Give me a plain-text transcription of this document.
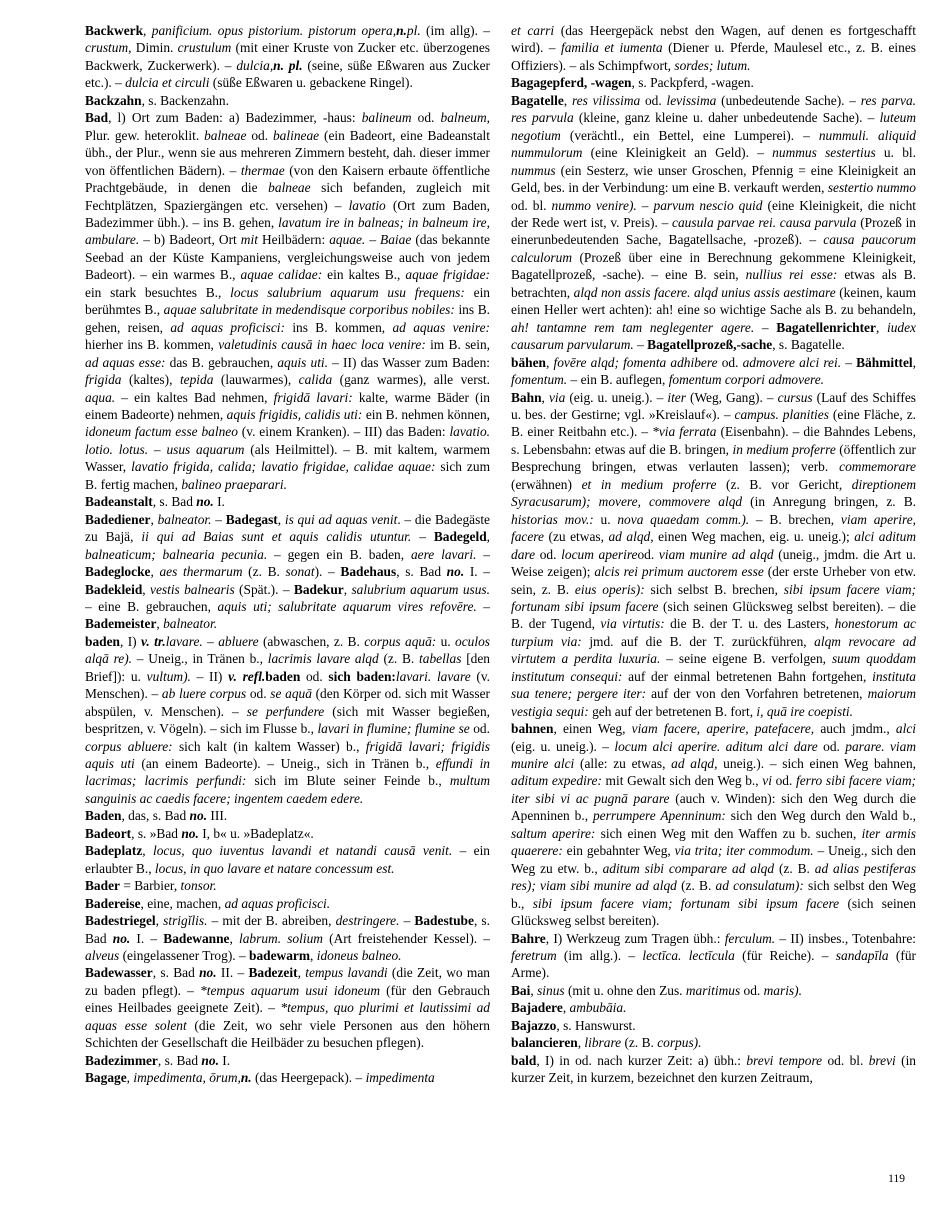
Backwerk, panificium. opus pistorium. pistorum opera,n.pl. (im allg). – crustum, Dimin. crustulum (mit einer Kruste von Zucker etc. überzogenes Backwerk, Zuckerwerk). – dulcia,n. pl. (seine, süße Eßwaren aus Zucker etc.). – dulcia et circuli (süße Eßwaren u. gebackene Ringel).

Backzahn, s. Backenzahn.

Bad, l) Ort zum Baden: a) Badezimmer, -haus: balineum od. balneum, Plur. gew. heteroklit. balneae od. balineae (ein Badeort, eine Badeanstalt übh., der Plur., wenn sie aus mehreren Zimmern besteht, dah. dieser immer von öffentlichen Bädern). – thermae (von den Kaisern erbaute öffentliche Prachtgebäude, in denen die balneae sich befanden, zugleich mit Fechtplätzen, Spaziergängen etc. versehen) – lavatio (Ort zum Baden, Badezimmer übh.). – ins B. gehen, lavatum ire in balneas; in balneum ire, ambulare. – b) Badeort, Ort mit Heilbädern: aquae. – Baiae (das bekannte Seebad an der Küste Kampaniens, vergleichungsweise auch von jedem Badeort). – ein warmes B., aquae calidae: ein kaltes B., aquae frigidae: ein stark besuchtes B., locus salubrium aquarum usu frequens: ein berühmtes B., aquae salubritate in medendisque corporibus nobiles: ins B. gehen, reisen, ad aquas proficisci: ins B. kommen, ad aquas venire: hierher ins B. kommen, valetudinis causā in haec loca venire: im B. sein, ad aquas esse: das B. gebrauchen, aquis uti. – II) das Wasser zum Baden: frigida (kaltes), tepida (lauwarmes), calida (ganz warmes), alle verst. aqua. – ein kaltes Bad nehmen, frigidā lavari: kalte, warme Bäder (in einem Badeorte) nehmen, aquis frigidis, calidis uti: ein B. nehmen können, idoneum factum esse balneo (v. einem Kranken). – III) das Baden: lavatio. lotio. lotus. – usus aquarum (als Heilmittel). – B. mit kaltem, warmem Wasser, lavatio frigida, calida; lavatio frigidae, calidae aquae: sich zum B. fertig machen, balineo praeparari.

Badeanstalt, s. Bad no. I.

Badediener, balneator. – Badegast, is qui ad aquas venit. – die Badegäste zu Bajä, ii qui ad Baias sunt et aquis calidis utuntur. – Badegeld, balneaticum; balnearia pecunia. – gegen ein B. baden, aere lavari. – Badeglocke, aes thermarum (z. B. sonat). – Badehaus, s. Bad no. I. – Badekleid, vestis balnearis (Spät.). – Badekur, salubrium aquarum usus. – eine B. gebrauchen, aquis uti; salubritate aquarum vires refovēre. – Bademeister, balneator.

baden, I) v. tr.lavare. – abluere (abwaschen, z. B. corpus aquā: u. oculos alqā re). – Uneig., in Tränen b., lacrimis lavare alqd (z. B. tabellas [den Brief]): u. vultum). – II) v. refl.baden od. sich baden:lavari. lavare (v. Menschen). – ab luere corpus od. se aquā (den Körper od. sich mit Wasser abspülen, v. Menschen). – se perfundere (sich mit Wasser begießen, bespritzen, v. Vögeln). – sich im Flusse b., lavari in flumine; flumine se od. corpus abluere: sich kalt (in kaltem Wasser) b., frigidā lavari; frigidis aquis uti (an einem Badeorte). – Uneig., sich in Tränen b., effundi in lacrimas; lacrimis perfundi: sich im Blute seiner Feinde b., multum sanguinis ac caedis facere; ingentem caedem edere.

Baden, das, s. Bad no. III.

Badeort, s. »Bad no. I, b« u. »Badeplatz«.

Badeplatz, locus, quo iuventus lavandi et natandi causā venit. – ein erlaubter B., locus, in quo lavare et natare concessum est.

Bader = Barbier, tonsor.

Badereise, eine, machen, ad aquas proficisci.

Badestriegel, strigĭlis. – mit der B. abreiben, destringere. – Badestube, s. Bad no. I. – Badewanne, labrum. solium (Art freistehender Kessel). – alveus (eingelassener Trog). – badewarm, idoneus balneo.

Badewasser, s. Bad no. II. – Badezeit, tempus lavandi (die Zeit, wo man zu baden pflegt). – *tempus aquarum usui idoneum (für den Gebrauch eines Heilbades geeignete Zeit). – *tempus, quo plurimi et lautissimi ad aquas esse solent (die Zeit, wo sehr viele Personen aus den höhern Schichten der Gesellschaft die Heilbäder zu besuchen pflegen).

Badezimmer, s. Bad no. I.

Bagage, impedimenta, ōrum,n. (das Heergepack). – impedimenta

et carri (das Heergepäck nebst den Wagen, auf denen es fortgeschafft wird). – familia et iumenta (Diener u. Pferde, Maulesel etc., z. B. eines Offiziers). – als Schimpfwort, sordes; lutum.

Bagagepferd, -wagen, s. Packpferd, -wagen.

Bagatelle, res vilissima od. levissima (unbedeutende Sache). – res parva. res parvula (kleine, ganz kleine u. daher unbedeutende Sache). – luteum negotium (verächtl., ein Bettel, eine Lumperei). – nummuli. aliquid nummulorum (eine Kleinigkeit an Geld). – nummus sestertius u. bl. nummus (ein Sesterz, wie unser Groschen, Pfennig = eine Kleinigkeit an Geld, bes. in der Verbindung: um eine B. verkauft werden, sestertio nummo od. bl. nummo venire). – parvum nescio quid (eine Kleinigkeit, die nicht der Rede wert ist, v. Preis). – causula parvae rei. causa parvula (Prozeß in einerunbedeutenden Sache, Bagatellsache, -prozeß). – causa paucorum calculorum (Prozeß über eine in Berechnung gekommene Kleinigkeit, Bagatellprozeß, -sache). – eine B. sein, nullius rei esse: etwas als B. betrachten, alqd non assis facere. alqd unius assis aestimare (keinen, kaum einen Heller wert achten): ah! eine so wichtige Sache als B. zu behandeln, ah! tantamne rem tam neglegenter agere. – Bagatellenrichter, iudex causarum parvularum. – Bagatellprozeß,-sache, s. Bagatelle.

bähen, fovēre alqd; fomenta adhibere od. admovere alci rei. – Bähmittel, fomentum. – ein B. auflegen, fomentum corpori admovere.

Bahn, via (eig. u. uneig.). – iter (Weg, Gang). – cursus (Lauf des Schiffes u. bes. der Gestirne; vgl. »Kreislauf«). – campus. planities (eine Fläche, z. B. einer Reitbahn etc.). – *via ferrata (Eisenbahn). – die Bahndes Lebens, s. Lebensbahn: etwas auf die B. bringen, in medium proferre (öffentlich zur Besprechung bringen, etwas verlauten lassen); verb. commemorare (erwähnen) et in medium proferre (z. B. vor Gericht, direptionem Syracusarum); movere, commovere alqd (in Anregung bringen, z. B. historias mov.: u. nova quaedam comm.). – B. brechen, viam aperire, facere (zu etwas, ad alqd, einen Weg machen, eig. u. uneig.); alci aditum dare od. locum aperireod. viam munire ad alqd (uneig., jmdm. die Art u. Weise zeigen); alcis rei primum auctorem esse (der erste Urheber von etw. sein, z. B. eius operis): sich selbst B. brechen, sibi ipsum facere viam; fortunam sibi ipsum facere (sich seinen Glücksweg selbst bereiten). – die B. der Tugend, via virtutis: die B. der T. u. des Lasters, honestorum ac turpium via: jmd. auf die B. der T. zurückführen, alqm revocare ad virtutem a perdita luxuria. – seine eigene B. verfolgen, suum quoddam institutum consequi: auf der einmal betretenen Bahn fortgehen, instituta sua tenere; pergere iter: auf der von den Vorfahren betretenen, maiorum vestigia sequi: geh auf der betretenen B. fort, i, quā ire coepisti.

bahnen, einen Weg, viam facere, aperire, patefacere, auch jmdm., alci (eig. u. uneig.). – locum alci aperire. aditum alci dare od. parare. viam munire alci (alle: zu etwas, ad alqd, uneig.). – sich einen Weg bahnen, aditum expedire: mit Gewalt sich den Weg b., vi od. ferro sibi facere viam; iter sibi vi ac pugnā parare (auch v. Winden): sich den Weg durch die Apenninen b., perrumpere Apenninum: sich den Weg durch den Wald b., saltum aperire: sich einen Weg mit den Waffen zu b. suchen, iter armis quaerere: ein gebahnter Weg, via trita; iter commodum. – Uneig., sich den Weg zu etw. b., aditum sibi comparare ad alqd (z. B. ad alias pestiferas res); viam sibi munire ad alqd (z. B. ad consulatum): sich selbst den Weg b., sibi ipsum facere viam; fortunam sibi ipsum facere (sich seinen Glücksweg selbst bereiten).

Bahre, I) Werkzeug zum Tragen übh.: ferculum. – II) insbes., Totenbahre: feretrum (im allg.). – lectīca. lectīcula (für Reiche). – sandapīla (für Arme).

Bai, sinus (mit u. ohne den Zus. maritimus od. maris).

Bajadere, ambubāia.

Bajazzo, s. Hanswurst.

balancieren, librare (z. B. corpus).

bald, I) in od. nach kurzer Zeit: a) übh.: brevi tempore od. bl. brevi (in kurzer Zeit, in kurzem, bezeichnet den kurzen Zeitraum,

119
